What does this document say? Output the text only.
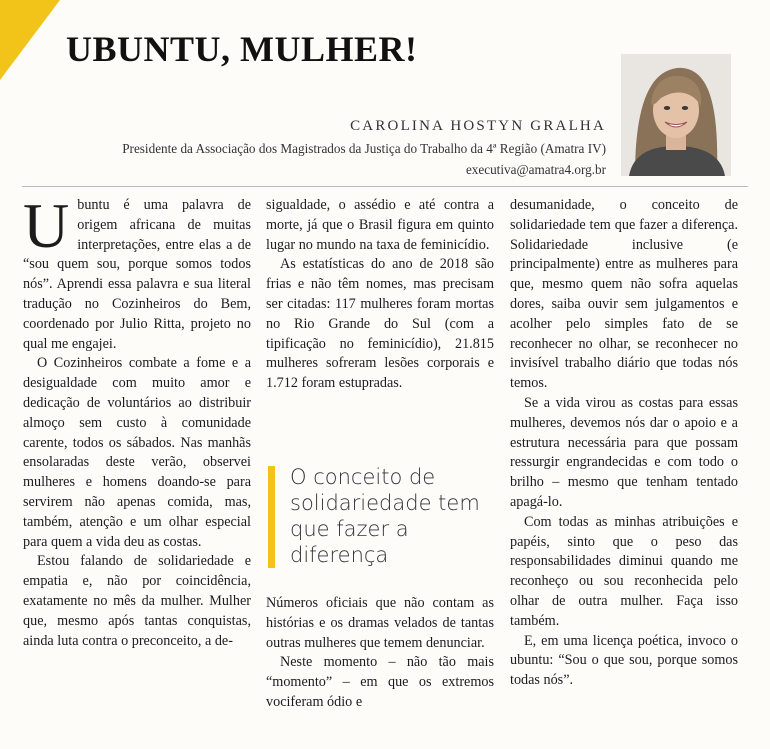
UBUNTU, MULHER!
CAROLINA HOSTYN GRALHA
Presidente da Associação dos Magistrados da Justiça do Trabalho da 4ª Região (Amatra IV)
executiva@amatra4.org.br

Ubuntu é uma palavra de origem africana de muitas interpretações, entre elas a de “sou quem sou, porque somos todos nós”. Aprendi essa palavra e sua literal tradução no Cozinheiros do Bem, coordenado por Julio Ritta, projeto no qual me engajei.

O Cozinheiros combate a fome e a desigualdade com muito amor e dedicação de voluntários ao distribuir almoço sem custo à comunidade carente, todos os sábados. Nas manhãs ensolaradas deste verão, observei mulheres e homens doando-se para servirem não apenas comida, mas, também, atenção e um olhar especial para quem a vida deu as costas.

Estou falando de solidariedade e empatia e, não por coincidência, exatamente no mês da mulher. Mulher que, mesmo após tantas conquistas, ainda luta contra o preconceito, a de-

sigualdade, o assédio e até contra a morte, já que o Brasil figura em quinto lugar no mundo na taxa de feminicídio.

As estatísticas do ano de 2018 são frias e não têm nomes, mas precisam ser citadas: 117 mulheres foram mortas no Rio Grande do Sul (com a tipificação no feminicídio), 21.815 mulheres sofreram lesões corporais e 1.712 foram estupradas.

O conceito de solidariedade tem que fazer a diferença

Números oficiais que não contam as histórias e os dramas velados de tantas outras mulheres que temem denunciar.

Neste momento – não tão mais “momento” – em que os extremos vociferam ódio e

desumanidade, o conceito de solidariedade tem que fazer a diferença. Solidariedade inclusive (e principalmente) entre as mulheres para que, mesmo quem não sofra aquelas dores, saiba ouvir sem julgamentos e acolher pelo simples fato de se reconhecer no olhar, se reconhecer no invisível trabalho diário que todas nós temos.

Se a vida virou as costas para essas mulheres, devemos nós dar o apoio e a estrutura necessária para que possam ressurgir engrandecidas e com todo o brilho – mesmo que tenham tentado apagá-lo.

Com todas as minhas atribuições e papéis, sinto que o peso das responsabilidades diminui quando me reconheço ou sou reconhecida pelo olhar de outra mulher. Faça isso também.

E, em uma licença poética, invoco o ubuntu: “Sou o que sou, porque somos todas nós”.
